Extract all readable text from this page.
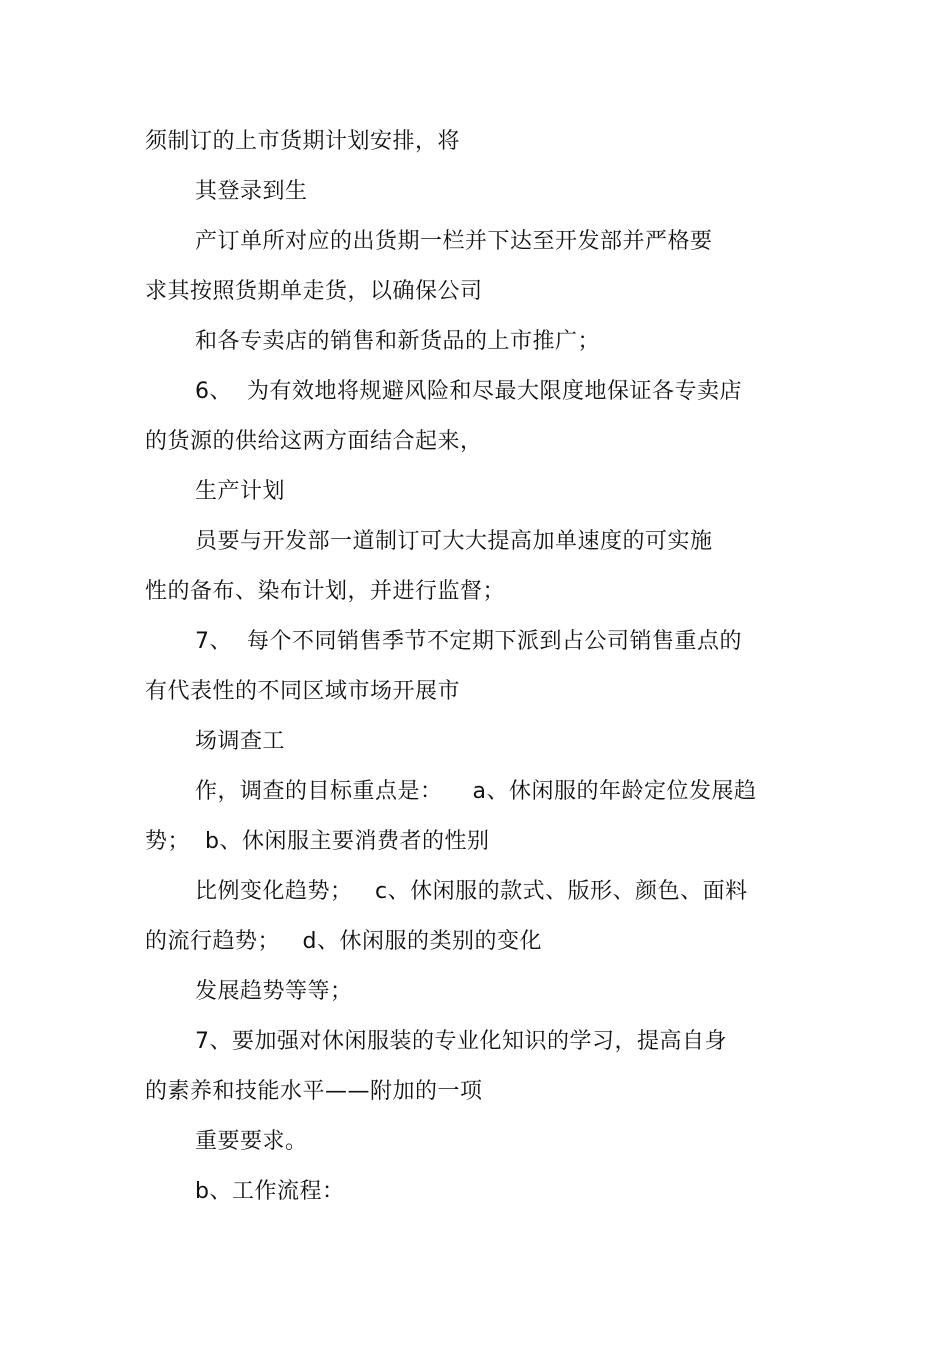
须制订的上市货期计划安排，将
其登录到生
产订单所对应的出货期一栏并下达至开发部并严格要
求其按照货期单走货，以确保公司
和各专卖店的销售和新货品的上市推广；
6、  为有效地将规避风险和尽最大限度地保证各专卖店
的货源的供给这两方面结合起来，
生产计划
员要与开发部一道制订可大大提高加单速度的可实施
性的备布、染布计划，并进行监督；
7、  每个不同销售季节不定期下派到占公司销售重点的
有代表性的不同区域市场开展市
场调查工
作，调查的目标重点是：    a、休闲服的年龄定位发展趋
势；  b、休闲服主要消费者的性别
比例变化趋势；   c、休闲服的款式、版形、颜色、面料
的流行趋势；   d、休闲服的类别的变化
发展趋势等等；
7、要加强对休闲服装的专业化知识的学习，提高自身
的素养和技能水平——附加的一项
重要要求。
b、工作流程：
